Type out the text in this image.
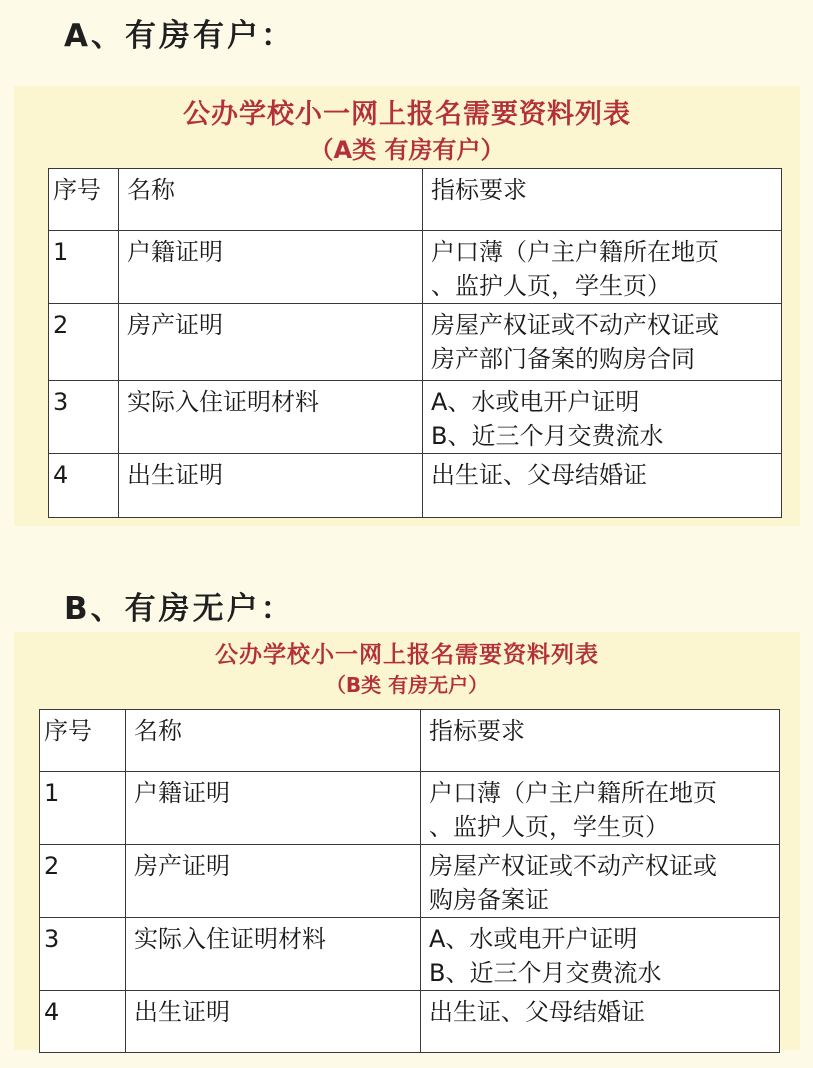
A、有房有户：
公办学校小一网上报名需要资料列表
（A类 有房有户）
序号	名称	指标要求
1	户籍证明	户口薄（户主户籍所在地页
、监护人页，学生页）

2	房产证明	房屋产权证或不动产权证或
房产部门备案的购房合同

3	实际入住证明材料	A、水或电开户证明
B、近三个月交费流水

4	出生证明	出生证、父母结婚证
B、有房无户：
公办学校小一网上报名需要资料列表
（B类 有房无户）
序号	名称	指标要求
1	户籍证明	户口薄（户主户籍所在地页
、监护人页，学生页）

2	房产证明	房屋产权证或不动产权证或
购房备案证

3	实际入住证明材料	A、水或电开户证明
B、近三个月交费流水

4	出生证明	出生证、父母结婚证
